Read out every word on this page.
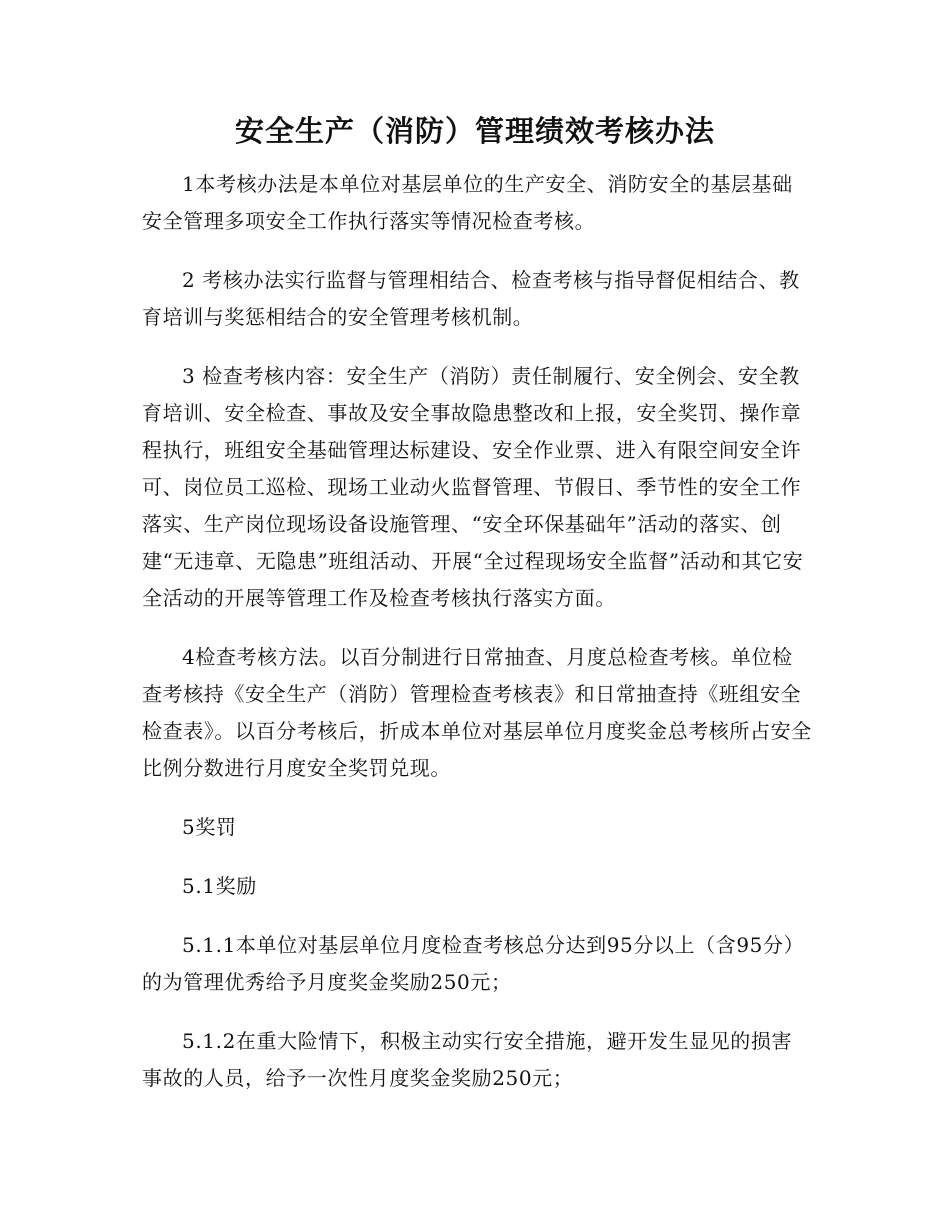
安全生产（消防）管理绩效考核办法

1本考核办法是本单位对基层单位的生产安全、消防安全的基层基础安全管理多项安全工作执行落实等情况检查考核。

2 考核办法实行监督与管理相结合、检查考核与指导督促相结合、教育培训与奖惩相结合的安全管理考核机制。

3 检查考核内容：安全生产（消防）责任制履行、安全例会、安全教育培训、安全检查、事故及安全事故隐患整改和上报，安全奖罚、操作章程执行，班组安全基础管理达标建设、安全作业票、进入有限空间安全许可、岗位员工巡检、现场工业动火监督管理、节假日、季节性的安全工作落实、生产岗位现场设备设施管理、“安全环保基础年”活动的落实、创建“无违章、无隐患”班组活动、开展“全过程现场安全监督”活动和其它安全活动的开展等管理工作及检查考核执行落实方面。

4检查考核方法。以百分制进行日常抽查、月度总检查考核。单位检查考核持《安全生产（消防）管理检查考核表》和日常抽查持《班组安全检查表》。以百分考核后，折成本单位对基层单位月度奖金总考核所占安全比例分数进行月度安全奖罚兑现。

5奖罚

5.1奖励

5.1.1本单位对基层单位月度检查考核总分达到95分以上（含95分）的为管理优秀给予月度奖金奖励250元；

5.1.2在重大险情下，积极主动实行安全措施，避开发生显见的损害事故的人员，给予一次性月度奖金奖励250元；
